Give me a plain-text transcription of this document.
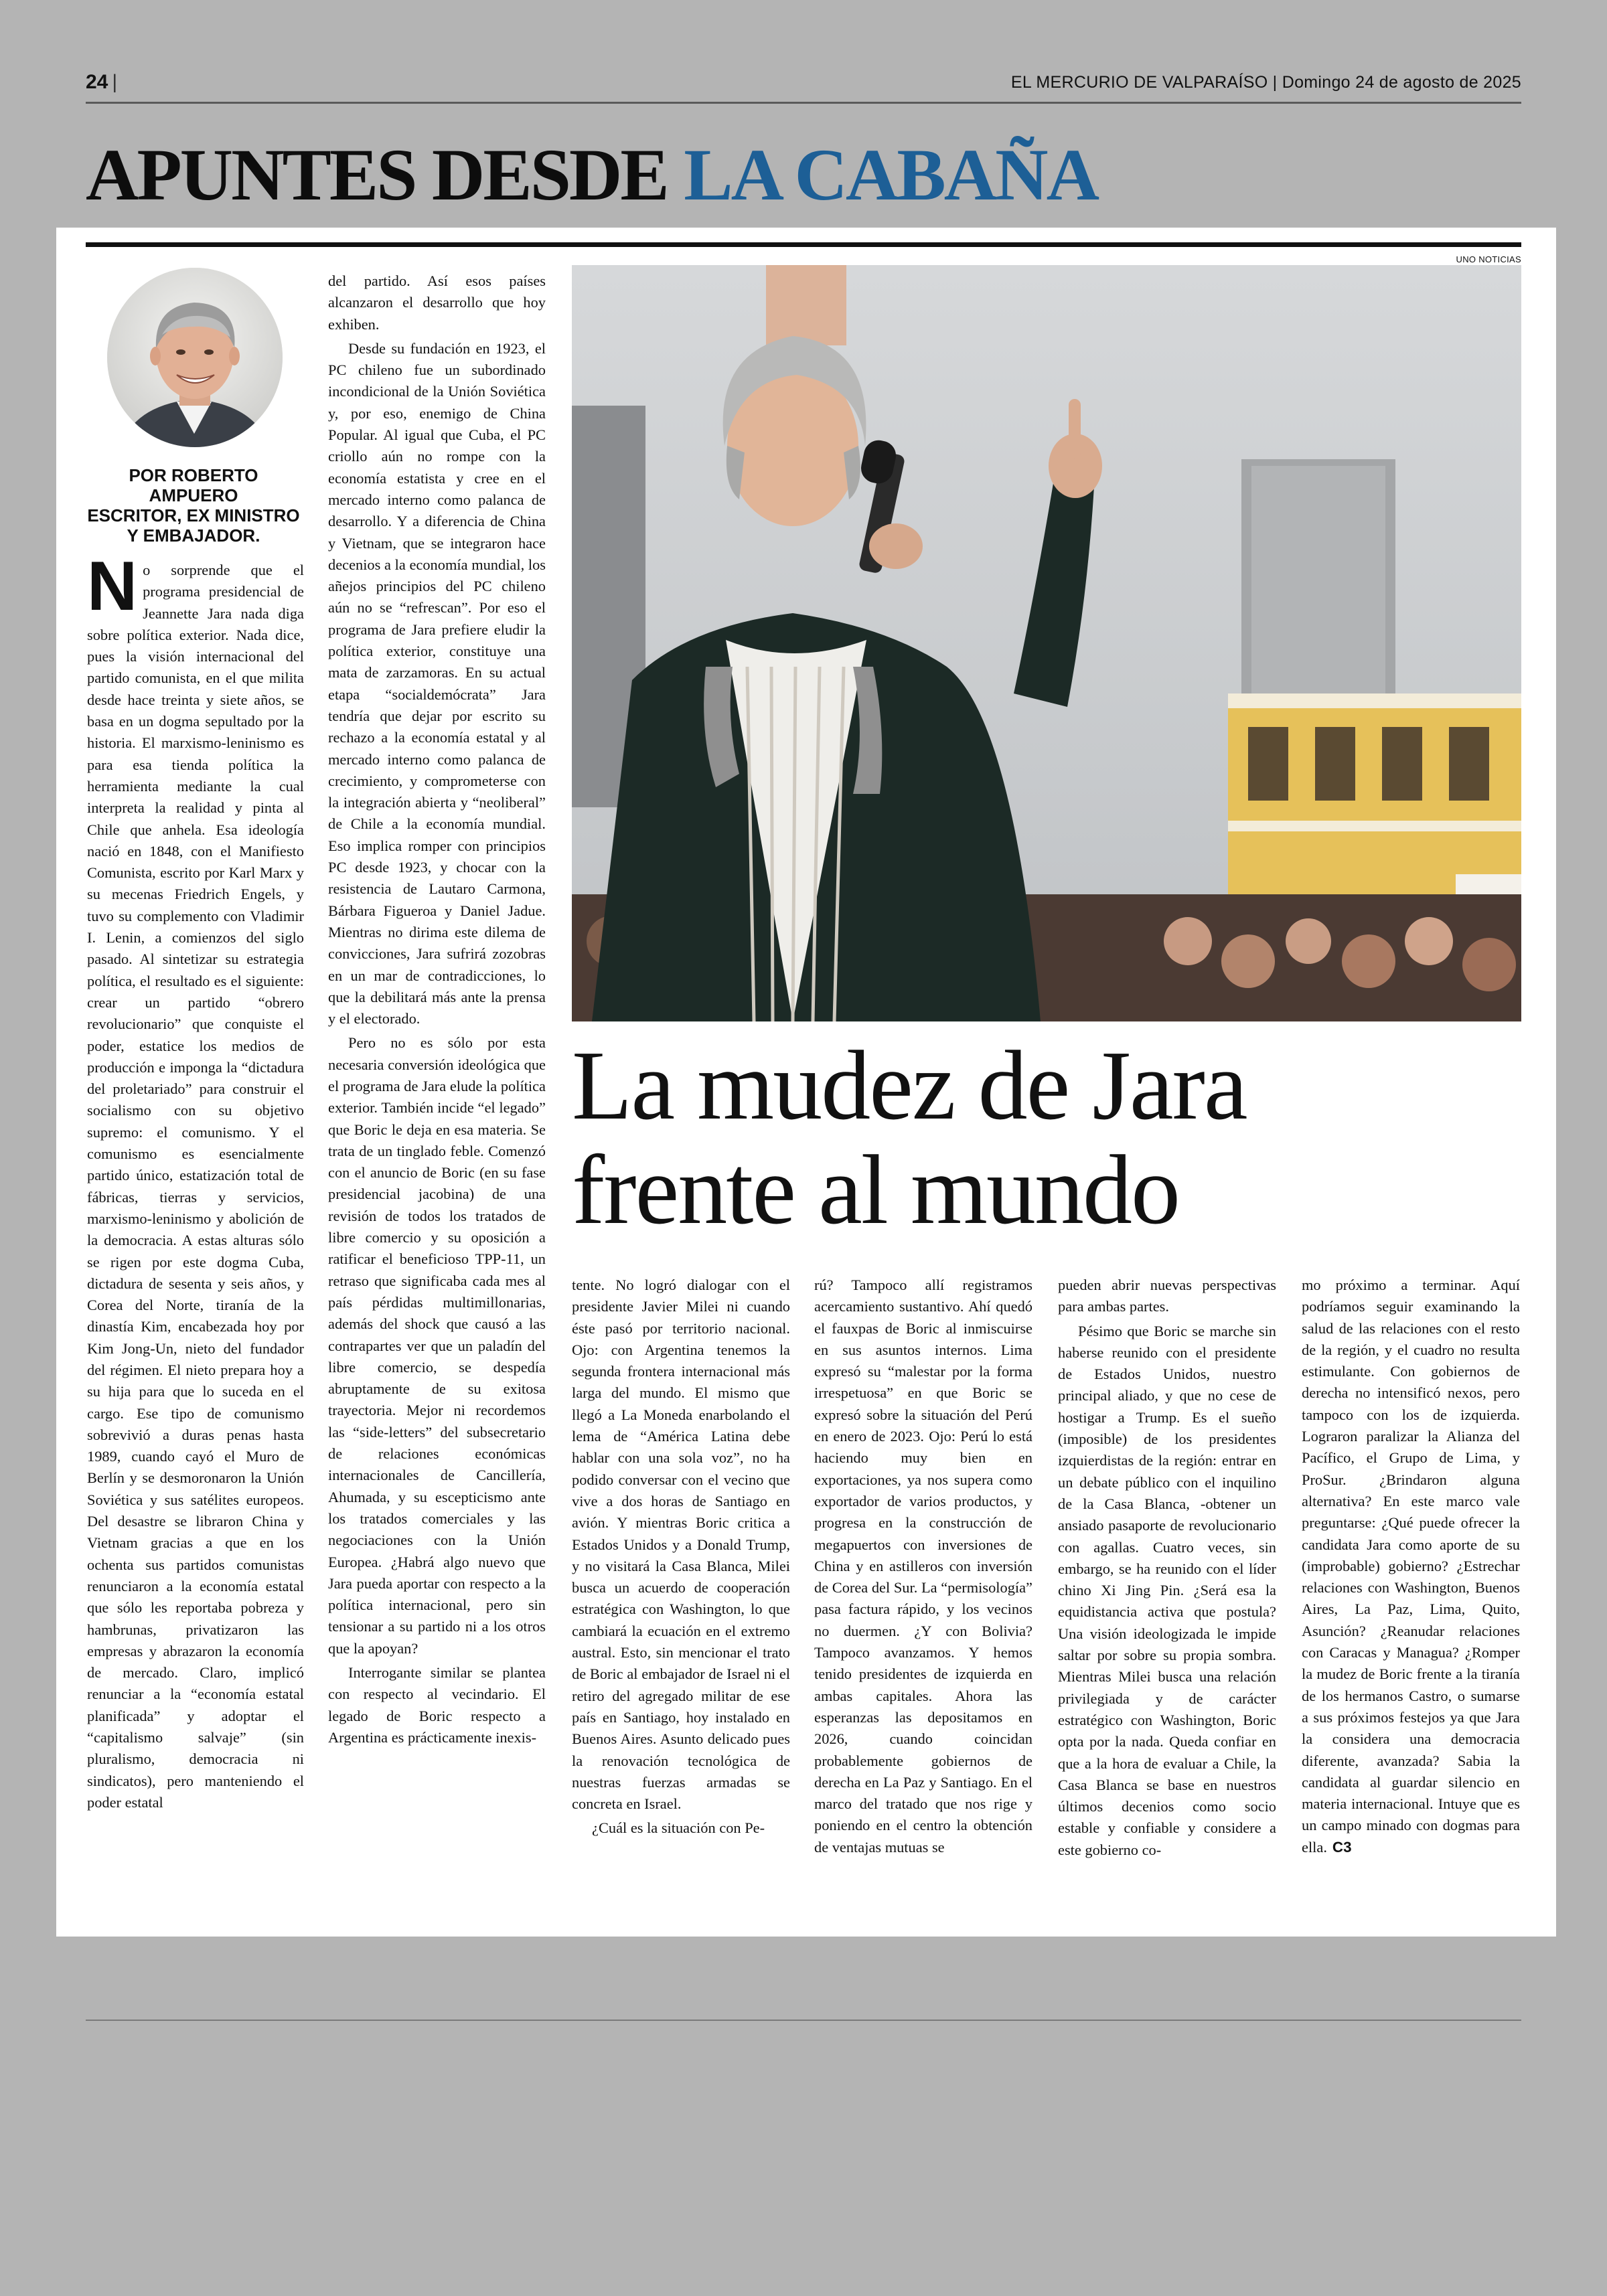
24 |	EL MERCURIO DE VALPARAÍSO | Domingo 24 de agosto de 2025
APUNTES DESDE LA CABAÑA
POR ROBERTO AMPUERO
ESCRITOR, EX MINISTRO
Y EMBAJADOR.

No sorprende que el programa presidencial de Jeannette Jara nada diga sobre política exterior. Nada dice, pues la visión internacional del partido comunista, en el que milita desde hace treinta y siete años, se basa en un dogma sepultado por la historia. El marxismo-leninismo es para esa tienda política la herramienta mediante la cual interpreta la realidad y pinta al Chile que anhela. Esa ideología nació en 1848, con el Manifiesto Comunista, escrito por Karl Marx y su mecenas Friedrich Engels, y tuvo su complemento con Vladimir I. Lenin, a comienzos del siglo pasado. Al sintetizar su estrategia política, el resultado es el siguiente: crear un partido “obrero revolucionario” que conquiste el poder, estatice los medios de producción e imponga la “dictadura del proletariado” para construir el socialismo con su objetivo supremo: el comunismo. Y el comunismo es esencialmente partido único, estatización total de fábricas, tierras y servicios, marxismo-leninismo y abolición de la democracia. A estas alturas sólo se rigen por este dogma Cuba, dictadura de sesenta y seis años, y Corea del Norte, tiranía de la dinastía Kim, encabezada hoy por Kim Jong-Un, nieto del fundador del régimen. El nieto prepara hoy a su hija para que lo suceda en el cargo. Ese tipo de comunismo sobrevivió a duras penas hasta 1989, cuando cayó el Muro de Berlín y se desmoronaron la Unión Soviética y sus satélites europeos. Del desastre se libraron China y Vietnam gracias a que en los ochenta sus partidos comunistas renunciaron a la economía estatal que sólo les reportaba pobreza y hambrunas, privatizaron las empresas y abrazaron la economía de mercado. Claro, implicó renunciar a la “economía estatal planificada” y adoptar el “capitalismo salvaje” (sin pluralismo, democracia ni sindicatos), pero manteniendo el poder estatal

del partido. Así esos países alcanzaron el desarrollo que hoy exhiben.

Desde su fundación en 1923, el PC chileno fue un subordinado incondicional de la Unión Soviética y, por eso, enemigo de China Popular. Al igual que Cuba, el PC criollo aún no rompe con la economía estatista y cree en el mercado interno como palanca de desarrollo. Y a diferencia de China y Vietnam, que se integraron hace decenios a la economía mundial, los añejos principios del PC chileno aún no se “refrescan”. Por eso el programa de Jara prefiere eludir la política exterior, constituye una mata de zarzamoras. En su actual etapa “socialdemócrata” Jara tendría que dejar por escrito su rechazo a la economía estatal y al mercado interno como palanca de crecimiento, y comprometerse con la integración abierta y “neoliberal” de Chile a la economía mundial. Eso implica romper con principios PC desde 1923, y chocar con la resistencia de Lautaro Carmona, Bárbara Figueroa y Daniel Jadue. Mientras no dirima este dilema de convicciones, Jara sufrirá zozobras en un mar de contradicciones, lo que la debilitará más ante la prensa y el electorado.

Pero no es sólo por esta necesaria conversión ideológica que el programa de Jara elude la política exterior. También incide “el legado” que Boric le deja en esa materia. Se trata de un tinglado feble. Comenzó con el anuncio de Boric (en su fase presidencial jacobina) de una revisión de todos los tratados de libre comercio y su oposición a ratificar el beneficioso TPP-11, un retraso que significaba cada mes al país pérdidas multimillonarias, además del shock que causó a las contrapartes ver que un paladín del libre comercio, se despedía abruptamente de su exitosa trayectoria. Mejor ni recordemos las “side-letters” del subsecretario de relaciones económicas internacionales de Cancillería, Ahumada, y su escepticismo ante los tratados comerciales y las negociaciones con la Unión Europea. ¿Habrá algo nuevo que Jara pueda aportar con respecto a la política internacional, pero sin tensionar a su partido ni a los otros que la apoyan?

Interrogante similar se plantea con respecto al vecindario. El legado de Boric respecto a Argentina es prácticamente inexis-

UNO NOTICIAS
La mudez de Jara
frente al mundo

tente. No logró dialogar con el presidente Javier Milei ni cuando éste pasó por territorio nacional. Ojo: con Argentina tenemos la segunda frontera internacional más larga del mundo. El mismo que llegó a La Moneda enarbolando el lema de “América Latina debe hablar con una sola voz”, no ha podido conversar con el vecino que vive a dos horas de Santiago en avión. Y mientras Boric critica a Estados Unidos y a Donald Trump, y no visitará la Casa Blanca, Milei busca un acuerdo de cooperación estratégica con Washington, lo que cambiará la ecuación en el extremo austral. Esto, sin mencionar el trato de Boric al embajador de Israel ni el retiro del agregado militar de ese país en Santiago, hoy instalado en Buenos Aires. Asunto delicado pues la renovación tecnológica de nuestras fuerzas armadas se concreta en Israel.

¿Cuál es la situación con Pe-

rú? Tampoco allí registramos acercamiento sustantivo. Ahí quedó el fauxpas de Boric al inmiscuirse en sus asuntos internos. Lima expresó su “malestar por la forma irrespetuosa” en que Boric se expresó sobre la situación del Perú en enero de 2023. Ojo: Perú lo está haciendo muy bien en exportaciones, ya nos supera como exportador de varios productos, y progresa en la construcción de megapuertos con inversiones de China y en astilleros con inversión de Corea del Sur. La “permisología” pasa factura rápido, y los vecinos no duermen. ¿Y con Bolivia? Tampoco avanzamos. Y hemos tenido presidentes de izquierda en ambas capitales. Ahora las esperanzas las depositamos en 2026, cuando coincidan probablemente gobiernos de derecha en La Paz y Santiago. En el marco del tratado que nos rige y poniendo en el centro la obtención de ventajas mutuas se

pueden abrir nuevas perspectivas para ambas partes.

Pésimo que Boric se marche sin haberse reunido con el presidente de Estados Unidos, nuestro principal aliado, y que no cese de hostigar a Trump. Es el sueño (imposible) de los presidentes izquierdistas de la región: entrar en un debate público con el inquilino de la Casa Blanca, -obtener un ansiado pasaporte de revolucionario con agallas. Cuatro veces, sin embargo, se ha reunido con el líder chino Xi Jing Pin. ¿Será esa la equidistancia activa que postula? Una visión ideologizada le impide saltar por sobre su propia sombra. Mientras Milei busca una relación privilegiada y de carácter estratégico con Washington, Boric opta por la nada. Queda confiar en que a la hora de evaluar a Chile, la Casa Blanca se base en nuestros últimos decenios como socio estable y confiable y considere a este gobierno co-

mo próximo a terminar. Aquí podríamos seguir examinando la salud de las relaciones con el resto de la región, y el cuadro no resulta estimulante. Con gobiernos de derecha no intensificó nexos, pero tampoco con los de izquierda. Lograron paralizar la Alianza del Pacífico, el Grupo de Lima, y ProSur. ¿Brindaron alguna alternativa? En este marco vale preguntarse: ¿Qué puede ofrecer la candidata Jara como aporte de su (improbable) gobierno? ¿Estrechar relaciones con Washington, Buenos Aires, La Paz, Lima, Quito, Asunción? ¿Reanudar relaciones con Caracas y Managua? ¿Romper la mudez de Boric frente a la tiranía de los hermanos Castro, o sumarse a sus próximos festejos ya que Jara la considera una democracia diferente, avanzada? Sabia la candidata al guardar silencio en materia internacional. Intuye que es un campo minado con dogmas para ella. C3
